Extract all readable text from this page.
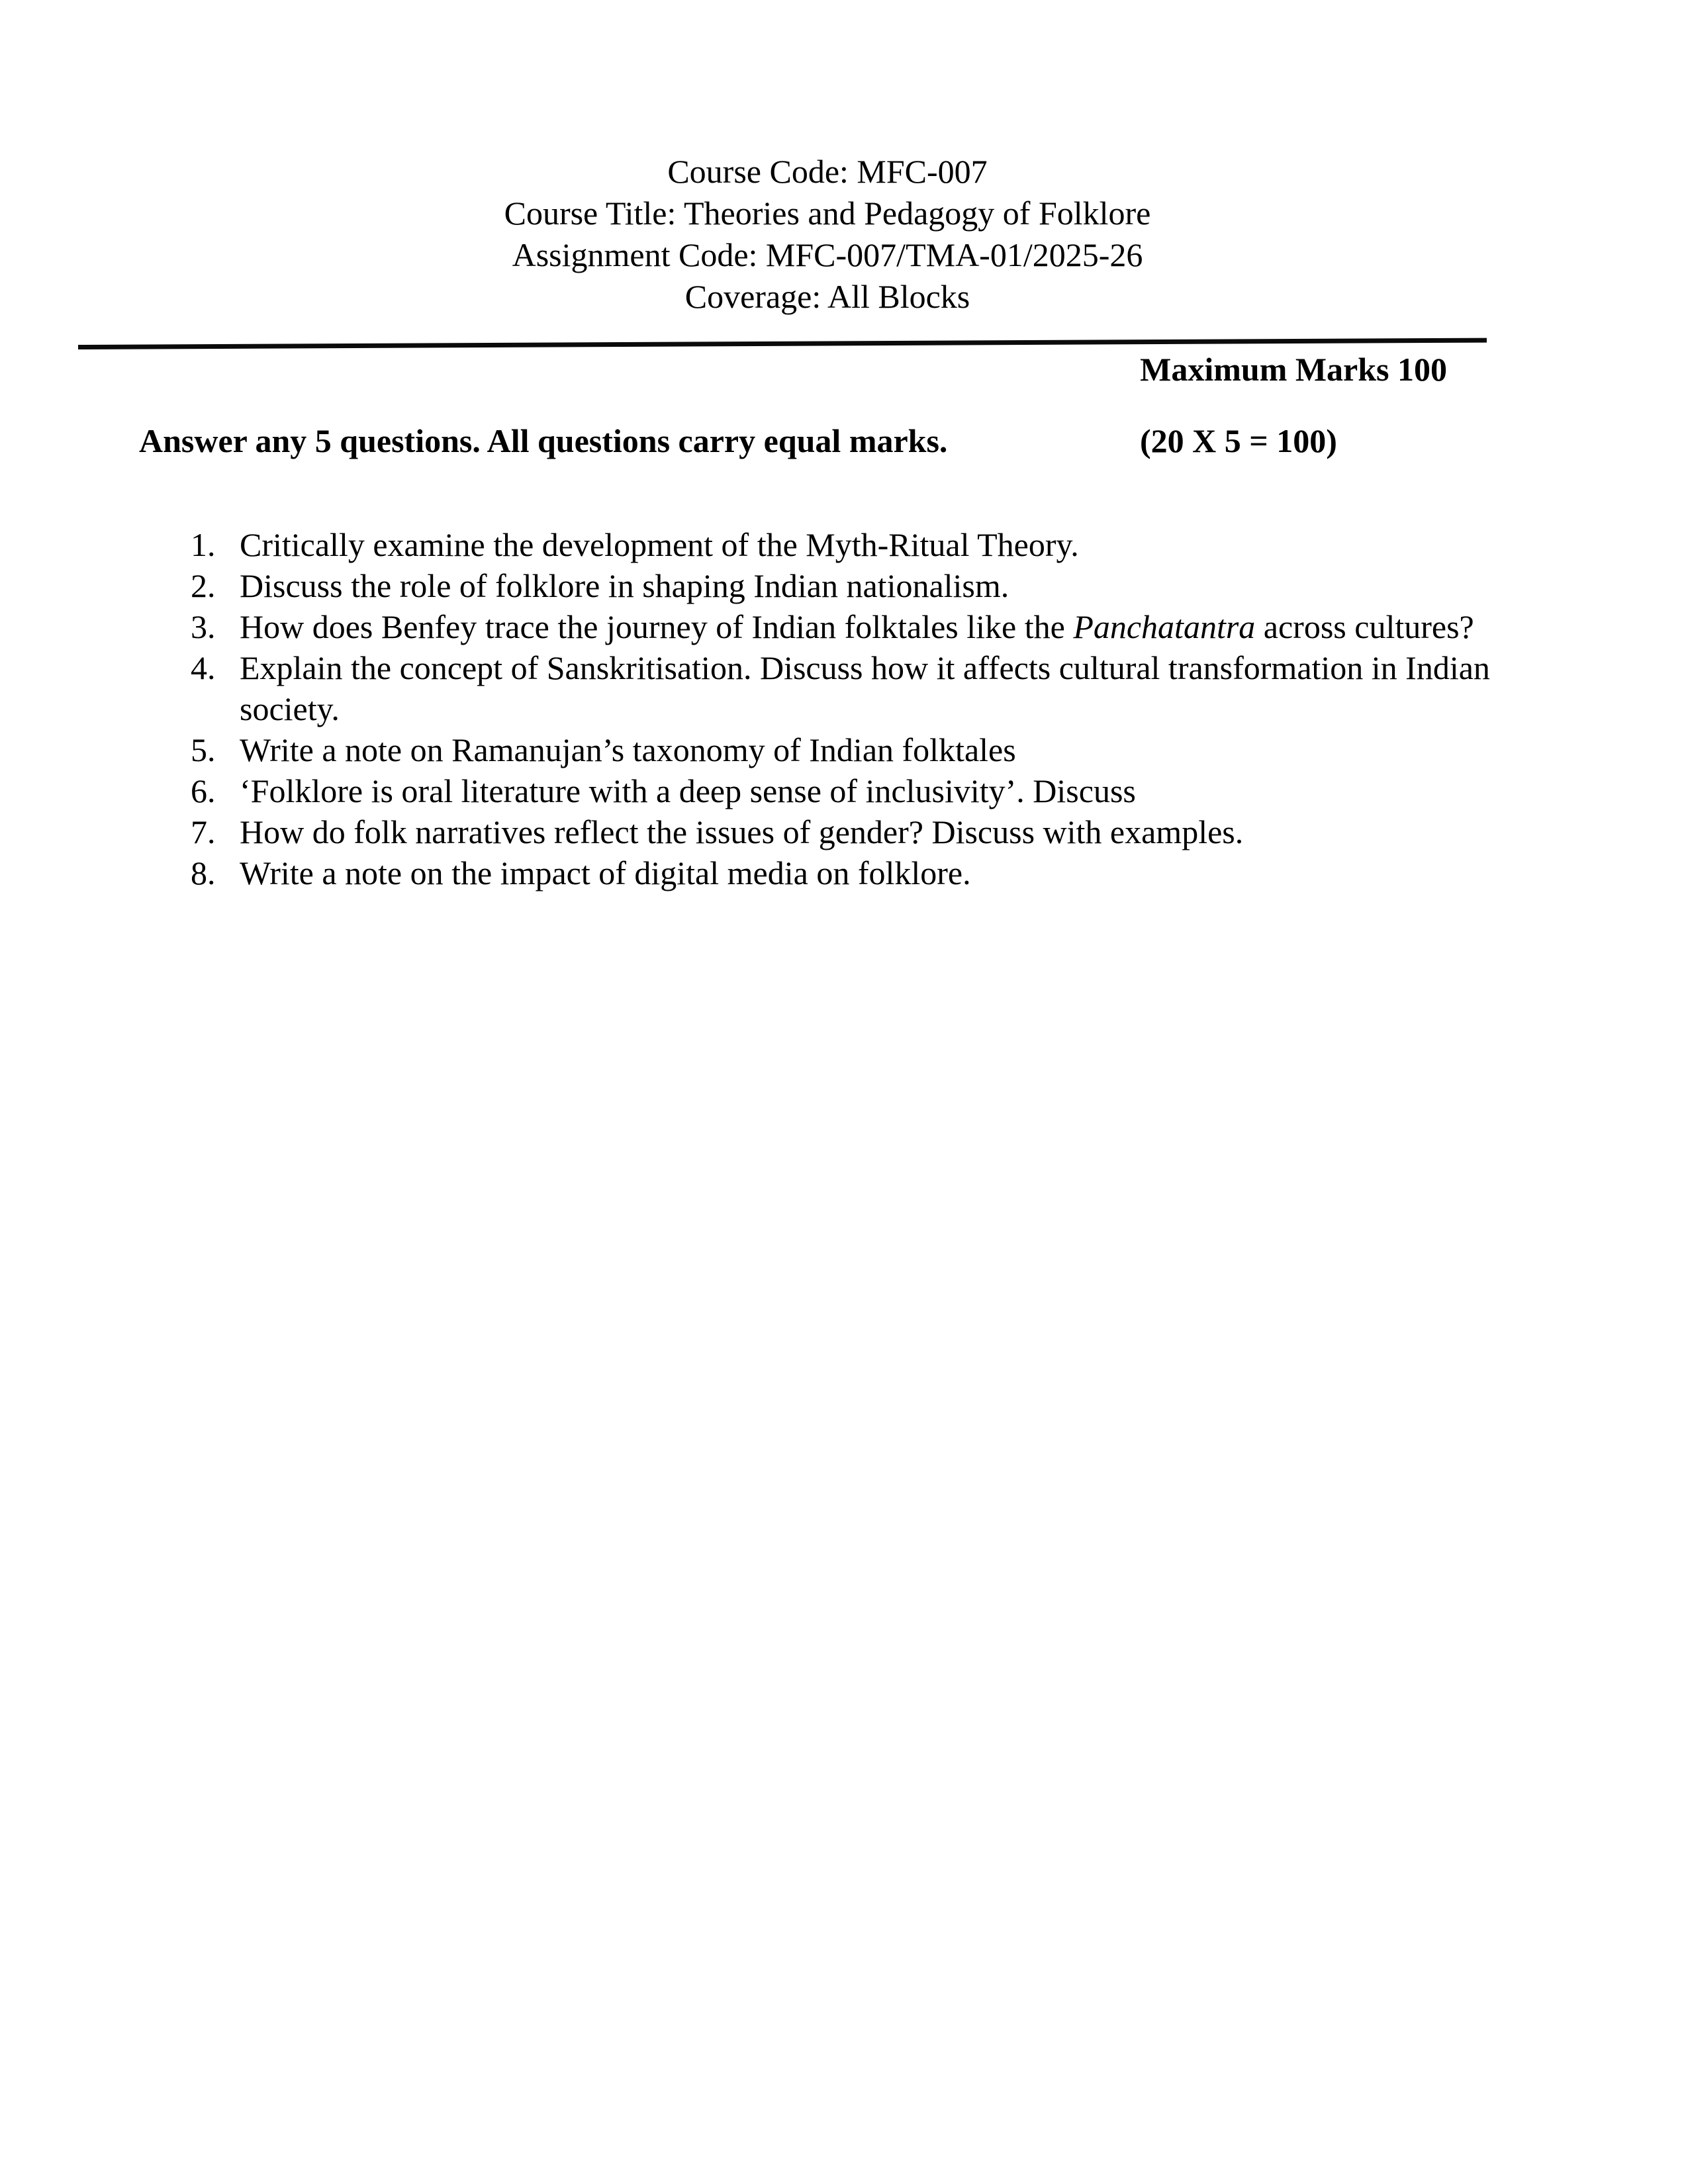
Course Code: MFC-007
Course Title: Theories and Pedagogy of Folklore
Assignment Code: MFC-007/TMA-01/2025-26
Coverage: All Blocks
Maximum Marks 100
Answer any 5 questions. All questions carry equal marks.	(20 X 5 = 100)
1. Critically examine the development of the Myth-Ritual Theory.
2. Discuss the role of folklore in shaping Indian nationalism.
3. How does Benfey trace the journey of Indian folktales like the Panchatantra across cultures?
4. Explain the concept of Sanskritisation. Discuss how it affects cultural transformation in Indian society.
5. Write a note on Ramanujan’s taxonomy of Indian folktales
6. ‘Folklore is oral literature with a deep sense of inclusivity’. Discuss
7. How do folk narratives reflect the issues of gender? Discuss with examples.
8. Write a note on the impact of digital media on folklore.
